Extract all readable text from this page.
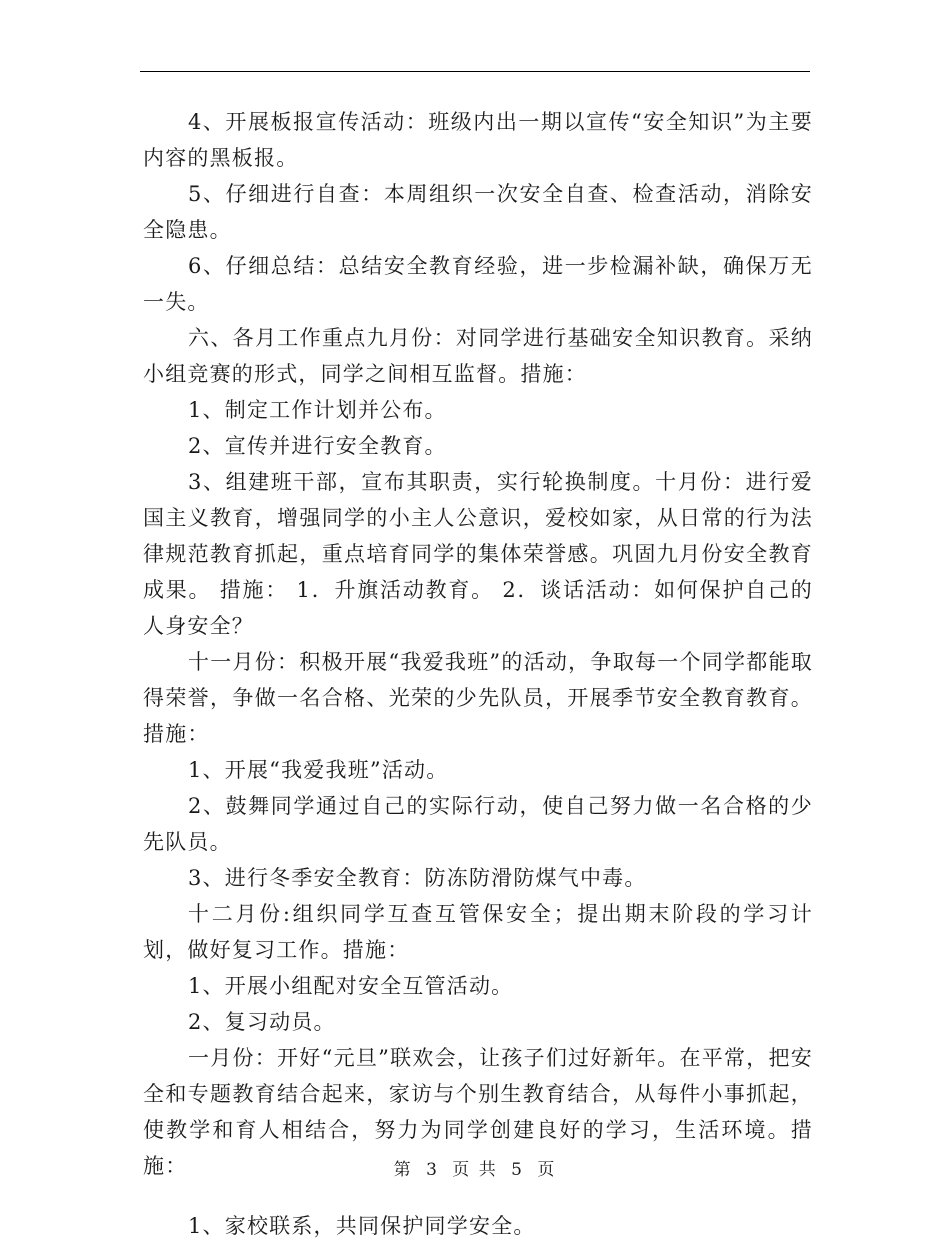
4、开展板报宣传活动：班级内出一期以宣传“安全知识”为主要内容的黑板报。

5、仔细进行自查：本周组织一次安全自查、检查活动，消除安全隐患。

6、仔细总结：总结安全教育经验，进一步检漏补缺，确保万无一失。

六、各月工作重点九月份：对同学进行基础安全知识教育。采纳小组竞赛的形式，同学之间相互监督。措施：

1、制定工作计划并公布。

2、宣传并进行安全教育。

3、组建班干部，宣布其职责，实行轮换制度。十月份：进行爱国主义教育，增强同学的小主人公意识，爱校如家，从日常的行为法律规范教育抓起，重点培育同学的集体荣誉感。巩固九月份安全教育成果。 措施： 1．升旗活动教育。 2．谈话活动：如何保护自己的人身安全？

十一月份：积极开展“我爱我班”的活动，争取每一个同学都能取得荣誉，争做一名合格、光荣的少先队员，开展季节安全教育教育。措施：

1、开展“我爱我班”活动。

2、鼓舞同学通过自己的实际行动，使自己努力做一名合格的少先队员。

3、进行冬季安全教育：防冻防滑防煤气中毒。

十二月份:组织同学互查互管保安全；提出期末阶段的学习计划，做好复习工作。措施：

1、开展小组配对安全互管活动。

2、复习动员。

一月份：开好“元旦”联欢会，让孩子们过好新年。在平常，把安全和专题教育结合起来，家访与个别生教育结合，从每件小事抓起，使教学和育人相结合，努力为同学创建良好的学习，生活环境。措施：

1、家校联系，共同保护同学安全。

第 3 页 共 5 页
